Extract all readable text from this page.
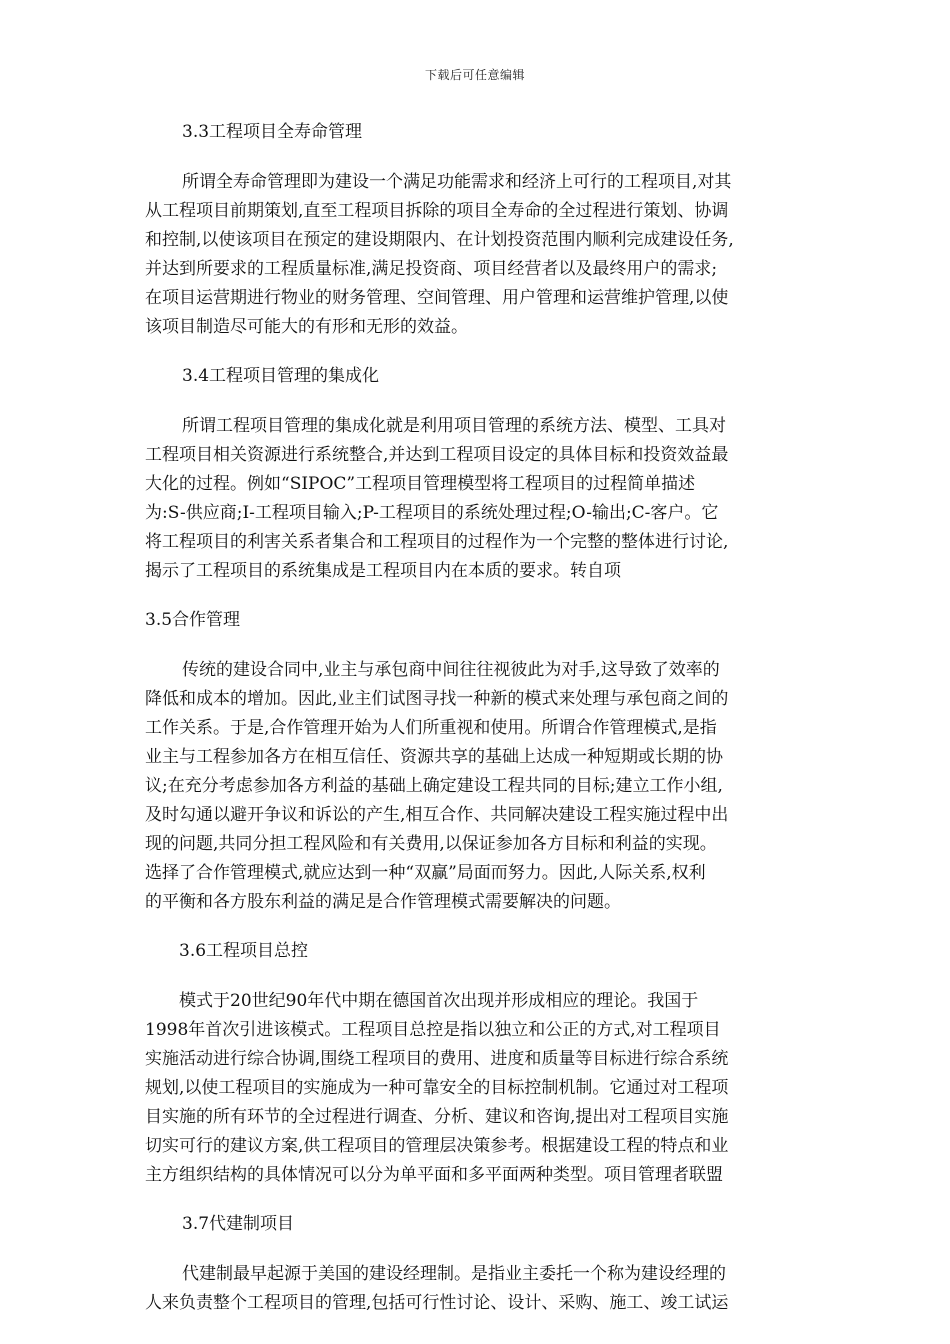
下载后可任意编辑

3.3工程项目全寿命管理

所谓全寿命管理即为建设一个满足功能需求和经济上可行的工程项目,对其
从工程项目前期策划,直至工程项目拆除的项目全寿命的全过程进行策划、协调
和控制,以使该项目在预定的建设期限内、在计划投资范围内顺利完成建设任务,
并达到所要求的工程质量标准,满足投资商、项目经营者以及最终用户的需求;
在项目运营期进行物业的财务管理、空间管理、用户管理和运营维护管理,以使
该项目制造尽可能大的有形和无形的效益。

3.4工程项目管理的集成化

所谓工程项目管理的集成化就是利用项目管理的系统方法、模型、工具对
工程项目相关资源进行系统整合,并达到工程项目设定的具体目标和投资效益最
大化的过程。例如“SIPOC”工程项目管理模型将工程项目的过程简单描述
为:S-供应商;I-工程项目输入;P-工程项目的系统处理过程;O-输出;C-客户。它
将工程项目的利害关系者集合和工程项目的过程作为一个完整的整体进行讨论,
揭示了工程项目的系统集成是工程项目内在本质的要求。转自项

3.5合作管理

传统的建设合同中,业主与承包商中间往往视彼此为对手,这导致了效率的
降低和成本的增加。因此,业主们试图寻找一种新的模式来处理与承包商之间的
工作关系。于是,合作管理开始为人们所重视和使用。所谓合作管理模式,是指
业主与工程参加各方在相互信任、资源共享的基础上达成一种短期或长期的协
议;在充分考虑参加各方利益的基础上确定建设工程共同的目标;建立工作小组,
及时勾通以避开争议和诉讼的产生,相互合作、共同解决建设工程实施过程中出
现的问题,共同分担工程风险和有关费用,以保证参加各方目标和利益的实现。
选择了合作管理模式,就应达到一种“双赢”局面而努力。因此,人际关系,权利
的平衡和各方股东利益的满足是合作管理模式需要解决的问题。

3.6工程项目总控

模式于20世纪90年代中期在德国首次出现并形成相应的理论。我国于
1998年首次引进该模式。工程项目总控是指以独立和公正的方式,对工程项目
实施活动进行综合协调,围绕工程项目的费用、进度和质量等目标进行综合系统
规划,以使工程项目的实施成为一种可靠安全的目标控制机制。它通过对工程项
目实施的所有环节的全过程进行调查、分析、建议和咨询,提出对工程项目实施
切实可行的建议方案,供工程项目的管理层决策参考。根据建设工程的特点和业
主方组织结构的具体情况可以分为单平面和多平面两种类型。项目管理者联盟

3.7代建制项目

代建制最早起源于美国的建设经理制。是指业主委托一个称为建设经理的
人来负责整个工程项目的管理,包括可行性讨论、设计、采购、施工、竣工试运
